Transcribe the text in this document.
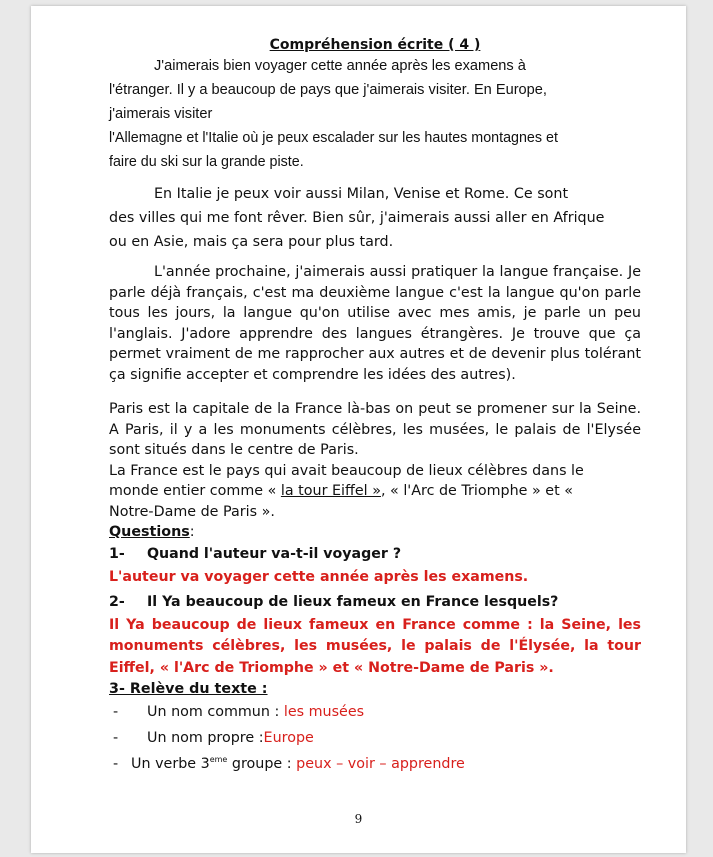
Compréhension écrite ( 4 )

J'aimerais bien voyager cette année après les examens à

l'étranger. Il y a beaucoup de pays que j'aimerais visiter. En Europe,

j'aimerais visiter

l'Allemagne et l'Italie où je peux escalader sur les hautes montagnes et

faire du ski sur la grande piste.

En Italie je peux voir aussi Milan, Venise et Rome. Ce sont

des villes qui me font rêver. Bien sûr, j'aimerais aussi aller en Afrique

ou en Asie, mais ça sera pour plus tard.

L'année prochaine, j'aimerais aussi pratiquer la langue française. Je parle déjà français, c'est ma deuxième langue c'est la langue qu'on parle tous les jours, la langue qu'on utilise avec mes amis, je parle un peu l'anglais. J'adore apprendre des langues étrangères. Je trouve que ça permet vraiment de me rapprocher aux autres et de devenir plus tolérant ça signifie accepter et comprendre les idées des autres).

Paris est la capitale de la France là-bas on peut se promener sur la Seine. A Paris, il y a les monuments célèbres, les musées, le palais de l'Elysée sont situés dans le centre de Paris.

La France est le pays qui avait beaucoup de lieux célèbres dans le

monde entier comme « la tour Eiffel », « l'Arc de Triomphe » et «

Notre-Dame de Paris ».

Questions:

1- Quand l'auteur va-t-il voyager ?

L'auteur va voyager cette année après les examens.

2- Il Ya beaucoup de lieux fameux en France lesquels?

Il Ya beaucoup de lieux fameux en France comme : la Seine, les monuments célèbres, les musées, le palais de l'Élysée, la tour Eiffel, « l'Arc de Triomphe » et « Notre-Dame de Paris ».

3- Relève du texte :

- Un nom commun : les musées
- Un nom propre :Europe
- Un verbe 3eme groupe : peux – voir – apprendre
9
